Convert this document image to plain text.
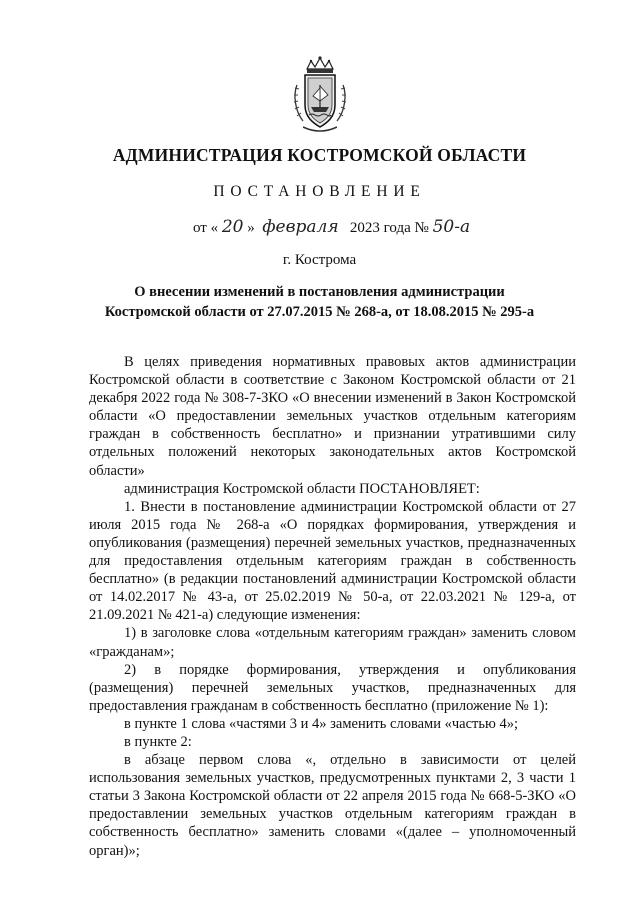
АДМИНИСТРАЦИЯ КОСТРОМСКОЙ ОБЛАСТИ
ПОСТАНОВЛЕНИЕ
от « 20 » февраля 2023 года № 50-а
г. Кострома
О внесении изменений в постановления администрации
Костромской области от 27.07.2015 № 268-а, от 18.08.2015 № 295-а

В целях приведения нормативных правовых актов администрации Костромской области в соответствие с Законом Костромской области от 21 декабря 2022 года № 308-7-ЗКО «О внесении изменений в Закон Костромской области «О предоставлении земельных участков отдельным категориям граждан в собственность бесплатно» и признании утратившими силу отдельных положений некоторых законодательных актов Костромской области»

администрация Костромской области ПОСТАНОВЛЯЕТ:

1. Внести в постановление администрации Костромской области от 27 июля 2015 года № 268-а «О порядках формирования, утверждения и опубликования (размещения) перечней земельных участков, предназначенных для предоставления отдельным категориям граждан в собственность бесплатно» (в редакции постановлений администрации Костромской области от 14.02.2017 № 43-а, от 25.02.2019 № 50-а, от 22.03.2021 № 129-а, от 21.09.2021 № 421-а) следующие изменения:

1) в заголовке слова «отдельным категориям граждан» заменить словом «гражданам»;

2) в порядке формирования, утверждения и опубликования (размещения) перечней земельных участков, предназначенных для предоставления гражданам в собственность бесплатно (приложение № 1):

в пункте 1 слова «частями 3 и 4» заменить словами «частью 4»;

в пункте 2:

в абзаце первом слова «, отдельно в зависимости от целей использования земельных участков, предусмотренных пунктами 2, 3 части 1 статьи 3 Закона Костромской области от 22 апреля 2015 года № 668-5-ЗКО «О предоставлении земельных участков отдельным категориям граждан в собственность бесплатно» заменить словами «(далее – уполномоченный орган)»;
